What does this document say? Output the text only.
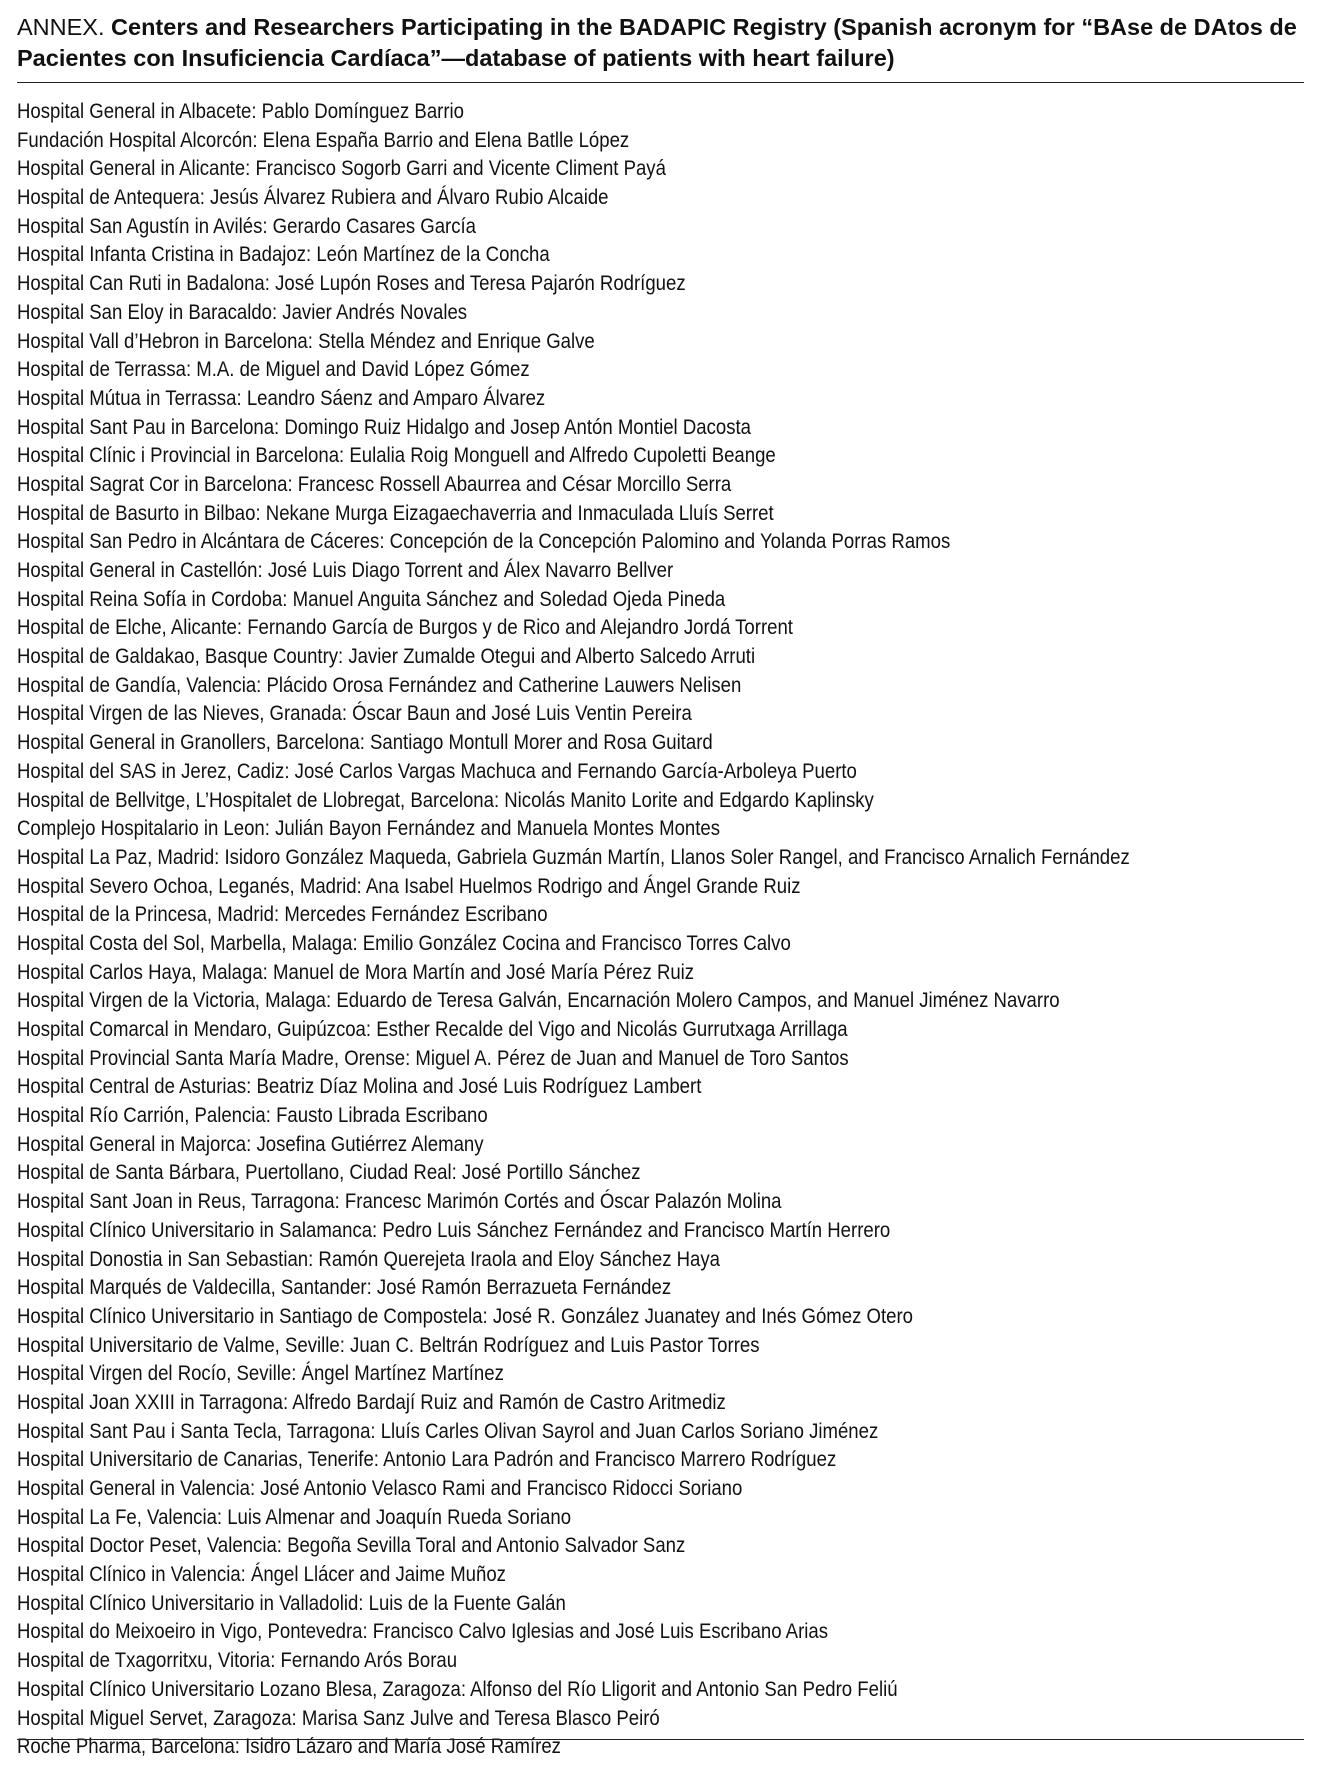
ANNEX. Centers and Researchers Participating in the BADAPIC Registry (Spanish acronym for “BAse de DAtos de Pacientes con Insuficiencia Cardíaca”—database of patients with heart failure)
Hospital General in Albacete: Pablo Domínguez Barrio
Fundación Hospital Alcorcón: Elena España Barrio and Elena Batlle López
Hospital General in Alicante: Francisco Sogorb Garri and Vicente Climent Payá
Hospital de Antequera: Jesús Álvarez Rubiera and Álvaro Rubio Alcaide
Hospital San Agustín in Avilés: Gerardo Casares García
Hospital Infanta Cristina in Badajoz: León Martínez de la Concha
Hospital Can Ruti in Badalona: José Lupón Roses and Teresa Pajarón Rodríguez
Hospital San Eloy in Baracaldo: Javier Andrés Novales
Hospital Vall d’Hebron in Barcelona: Stella Méndez and Enrique Galve
Hospital de Terrassa: M.A. de Miguel and David López Gómez
Hospital Mútua in Terrassa: Leandro Sáenz and Amparo Álvarez
Hospital Sant Pau in Barcelona: Domingo Ruiz Hidalgo and Josep Antón Montiel Dacosta
Hospital Clínic i Provincial in Barcelona: Eulalia Roig Monguell and Alfredo Cupoletti Beange
Hospital Sagrat Cor in Barcelona: Francesc Rossell Abaurrea and César Morcillo Serra
Hospital de Basurto in Bilbao: Nekane Murga Eizagaechaverria and Inmaculada Lluís Serret
Hospital San Pedro in Alcántara de Cáceres: Concepción de la Concepción Palomino and Yolanda Porras Ramos
Hospital General in Castellón: José Luis Diago Torrent and Álex Navarro Bellver
Hospital Reina Sofía in Cordoba: Manuel Anguita Sánchez and Soledad Ojeda Pineda
Hospital de Elche, Alicante: Fernando García de Burgos y de Rico and Alejandro Jordá Torrent
Hospital de Galdakao, Basque Country: Javier Zumalde Otegui and Alberto Salcedo Arruti
Hospital de Gandía, Valencia: Plácido Orosa Fernández and Catherine Lauwers Nelisen
Hospital Virgen de las Nieves, Granada: Óscar Baun and José Luis Ventin Pereira
Hospital General in Granollers, Barcelona: Santiago Montull Morer and Rosa Guitard
Hospital del SAS in Jerez, Cadiz: José Carlos Vargas Machuca and Fernando García-Arboleya Puerto
Hospital de Bellvitge, L’Hospitalet de Llobregat, Barcelona: Nicolás Manito Lorite and Edgardo Kaplinsky
Complejo Hospitalario in Leon: Julián Bayon Fernández and Manuela Montes Montes
Hospital La Paz, Madrid: Isidoro González Maqueda, Gabriela Guzmán Martín, Llanos Soler Rangel, and Francisco Arnalich Fernández
Hospital Severo Ochoa, Leganés, Madrid: Ana Isabel Huelmos Rodrigo and Ángel Grande Ruiz
Hospital de la Princesa, Madrid: Mercedes Fernández Escribano
Hospital Costa del Sol, Marbella, Malaga: Emilio González Cocina and Francisco Torres Calvo
Hospital Carlos Haya, Malaga: Manuel de Mora Martín and José María Pérez Ruiz
Hospital Virgen de la Victoria, Malaga: Eduardo de Teresa Galván, Encarnación Molero Campos, and Manuel Jiménez Navarro
Hospital Comarcal in Mendaro, Guipúzcoa: Esther Recalde del Vigo and Nicolás Gurrutxaga Arrillaga
Hospital Provincial Santa María Madre, Orense: Miguel A. Pérez de Juan and Manuel de Toro Santos
Hospital Central de Asturias: Beatriz Díaz Molina and José Luis Rodríguez Lambert
Hospital Río Carrión, Palencia: Fausto Librada Escribano
Hospital General in Majorca: Josefina Gutiérrez Alemany
Hospital de Santa Bárbara, Puertollano, Ciudad Real: José Portillo Sánchez
Hospital Sant Joan in Reus, Tarragona: Francesc Marimón Cortés and Óscar Palazón Molina
Hospital Clínico Universitario in Salamanca: Pedro Luis Sánchez Fernández and Francisco Martín Herrero
Hospital Donostia in San Sebastian: Ramón Querejeta Iraola and Eloy Sánchez Haya
Hospital Marqués de Valdecilla, Santander: José Ramón Berrazueta Fernández
Hospital Clínico Universitario in Santiago de Compostela: José R. González Juanatey and Inés Gómez Otero
Hospital Universitario de Valme, Seville: Juan C. Beltrán Rodríguez and Luis Pastor Torres
Hospital Virgen del Rocío, Seville: Ángel Martínez Martínez
Hospital Joan XXIII in Tarragona: Alfredo Bardají Ruiz and Ramón de Castro Aritmediz
Hospital Sant Pau i Santa Tecla, Tarragona: Lluís Carles Olivan Sayrol and Juan Carlos Soriano Jiménez
Hospital Universitario de Canarias, Tenerife: Antonio Lara Padrón and Francisco Marrero Rodríguez
Hospital General in Valencia: José Antonio Velasco Rami and Francisco Ridocci Soriano
Hospital La Fe, Valencia: Luis Almenar and Joaquín Rueda Soriano
Hospital Doctor Peset, Valencia: Begoña Sevilla Toral and Antonio Salvador Sanz
Hospital Clínico in Valencia: Ángel Llácer and Jaime Muñoz
Hospital Clínico Universitario in Valladolid: Luis de la Fuente Galán
Hospital do Meixoeiro in Vigo, Pontevedra: Francisco Calvo Iglesias and José Luis Escribano Arias
Hospital de Txagorritxu, Vitoria: Fernando Arós Borau
Hospital Clínico Universitario Lozano Blesa, Zaragoza: Alfonso del Río Lligorit and Antonio San Pedro Feliú
Hospital Miguel Servet, Zaragoza: Marisa Sanz Julve and Teresa Blasco Peiró
Roche Pharma, Barcelona: Isidro Lázaro and María José Ramírez
